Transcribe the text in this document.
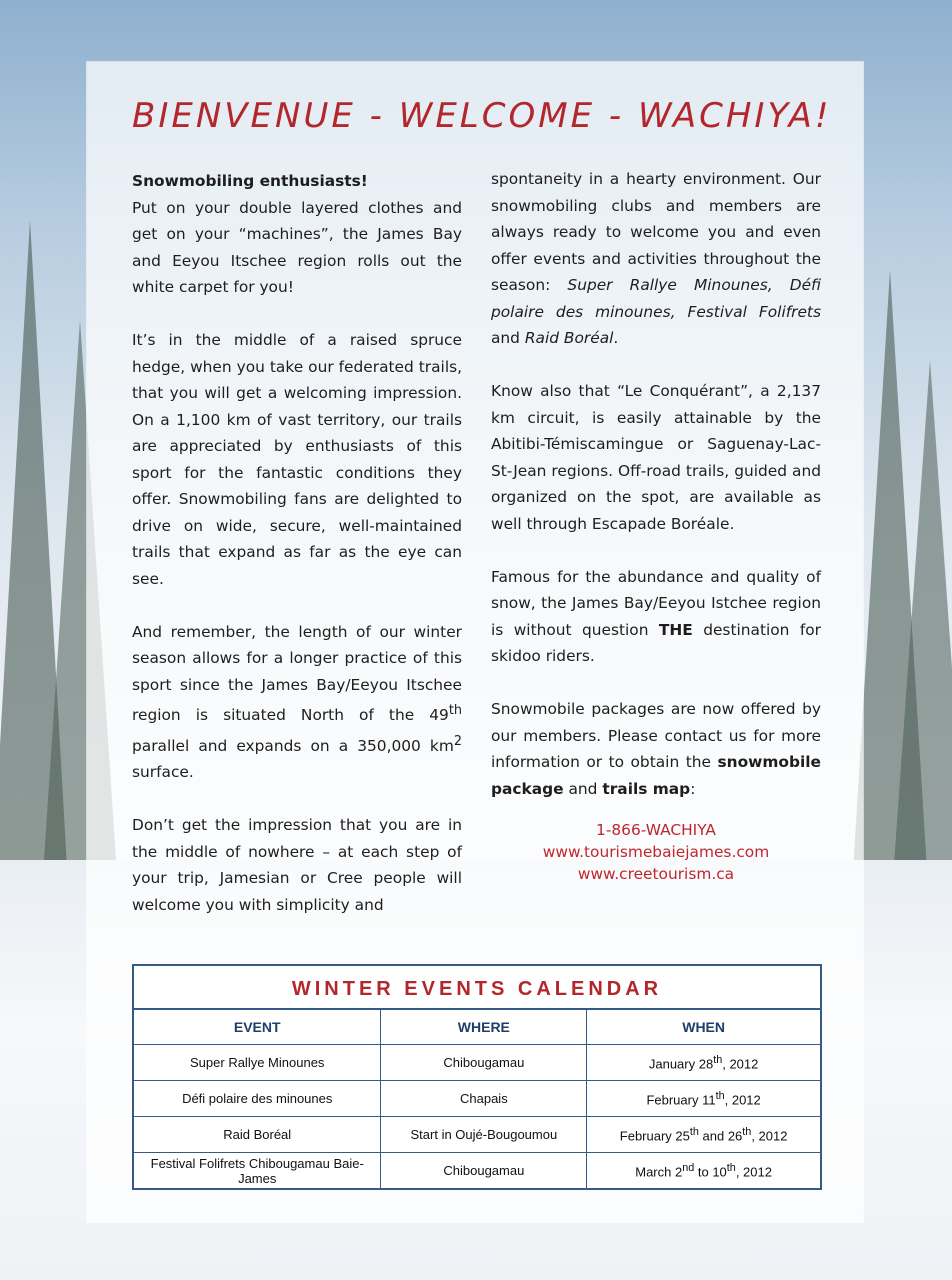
BIENVENUE - WELCOME - WACHIYA!

Snowmobiling enthusiasts!
Put on your double layered clothes and get on your “machines”, the James Bay and Eeyou Itschee region rolls out the white carpet for you!

It’s in the middle of a raised spruce hedge, when you take our federated trails, that you will get a welcoming impression. On a 1,100 km of vast territory, our trails are appreciated by enthusiasts of this sport for the fantastic conditions they offer. Snowmobiling fans are delighted to drive on wide, secure, well-maintained trails that expand as far as the eye can see.

And remember, the length of our winter season allows for a longer practice of this sport since the James Bay/Eeyou Itschee region is situated North of the 49th parallel and expands on a 350,000 $km^2$ surface.

Don’t get the impression that you are in the middle of nowhere – at each step of your trip, Jamesian or Cree people will welcome you with simplicity and

spontaneity in a hearty environment. Our snowmobiling clubs and members are always ready to welcome you and even offer events and activities throughout the season: Super Rallye Minounes, Défi polaire des minounes, Festival Folifrets and Raid Boréal.

Know also that “Le Conquérant”, a 2,137 km circuit, is easily attainable by the Abitibi-Témiscamingue or Saguenay-Lac-St-Jean regions. Off-road trails, guided and organized on the spot, are available as well through Escapade Boréale.

Famous for the abundance and quality of snow, the James Bay/Eeyou Istchee region is without question THE destination for skidoo riders.

Snowmobile packages are now offered by our members. Please contact us for more information or to obtain the snowmobile package and trails map:

1-866-WACHIYA
www.tourismebaiejames.com
www.creetourism.ca
WINTER EVENTS CALENDAR
EVENT	WHERE	WHEN
Super Rallye Minounes	Chibougamau	January 28th, 2012
Défi polaire des minounes	Chapais	February 11th, 2012
Raid Boréal	Start in Oujé-Bougoumou	February 25th and 26th, 2012
Festival Folifrets Chibougamau Baie-James	Chibougamau	March 2nd to 10th, 2012
